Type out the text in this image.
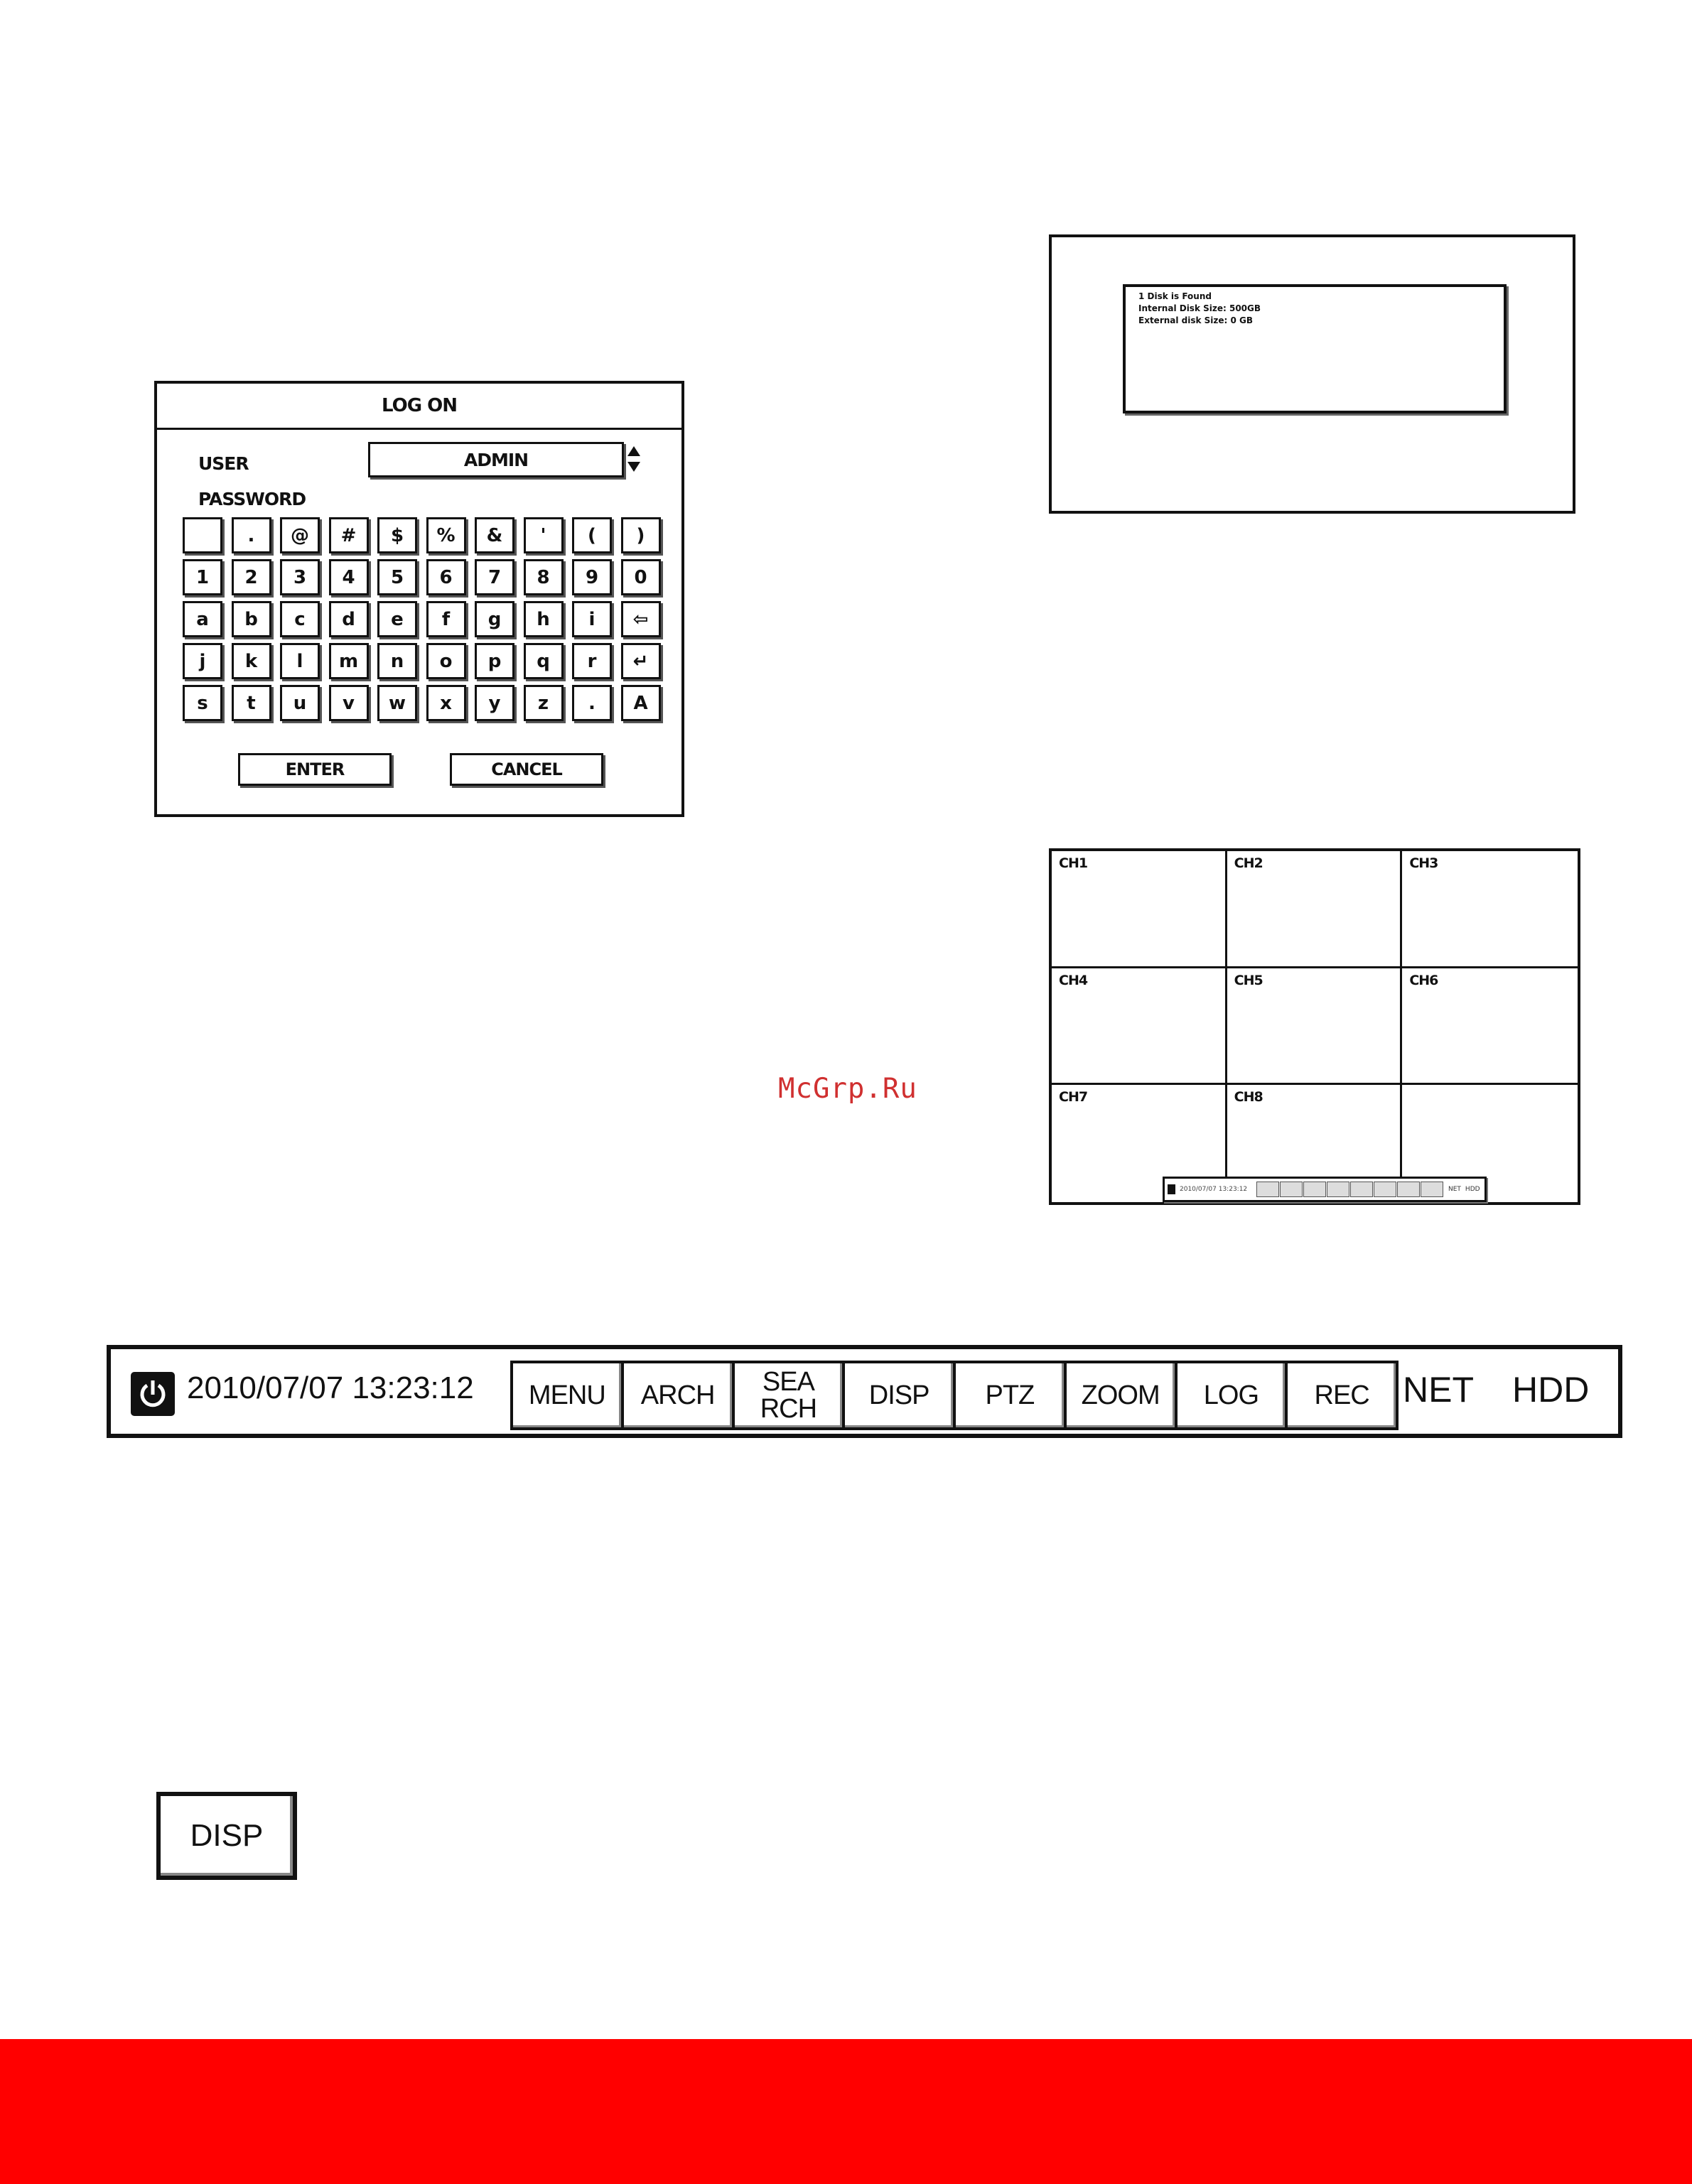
LOG ON
USER	ADMIN
PASSWORD
.	@	#	$	%	&	'	(	)
1	2	3	4	5	6	7	8	9	0
a	b	c	d	e	f	g	h	i	⇦
j	k	l	m	n	o	p	q	r	↵
s	t	u	v	w	x	y	z	.	A
ENTER	CANCEL
1 Disk is Found
Internal Disk Size: 500GB
External disk Size: 0 GB
CH1	CH2	CH3
CH4	CH5	CH6
CH7	CH8
2010/07/07 13:23:12	NET HDD
McGrp.Ru
2010/07/07 13:23:12	MENU	ARCH	SEA
RCH	DISP	PTZ	ZOOM	LOG	REC NET HDD
DISP
